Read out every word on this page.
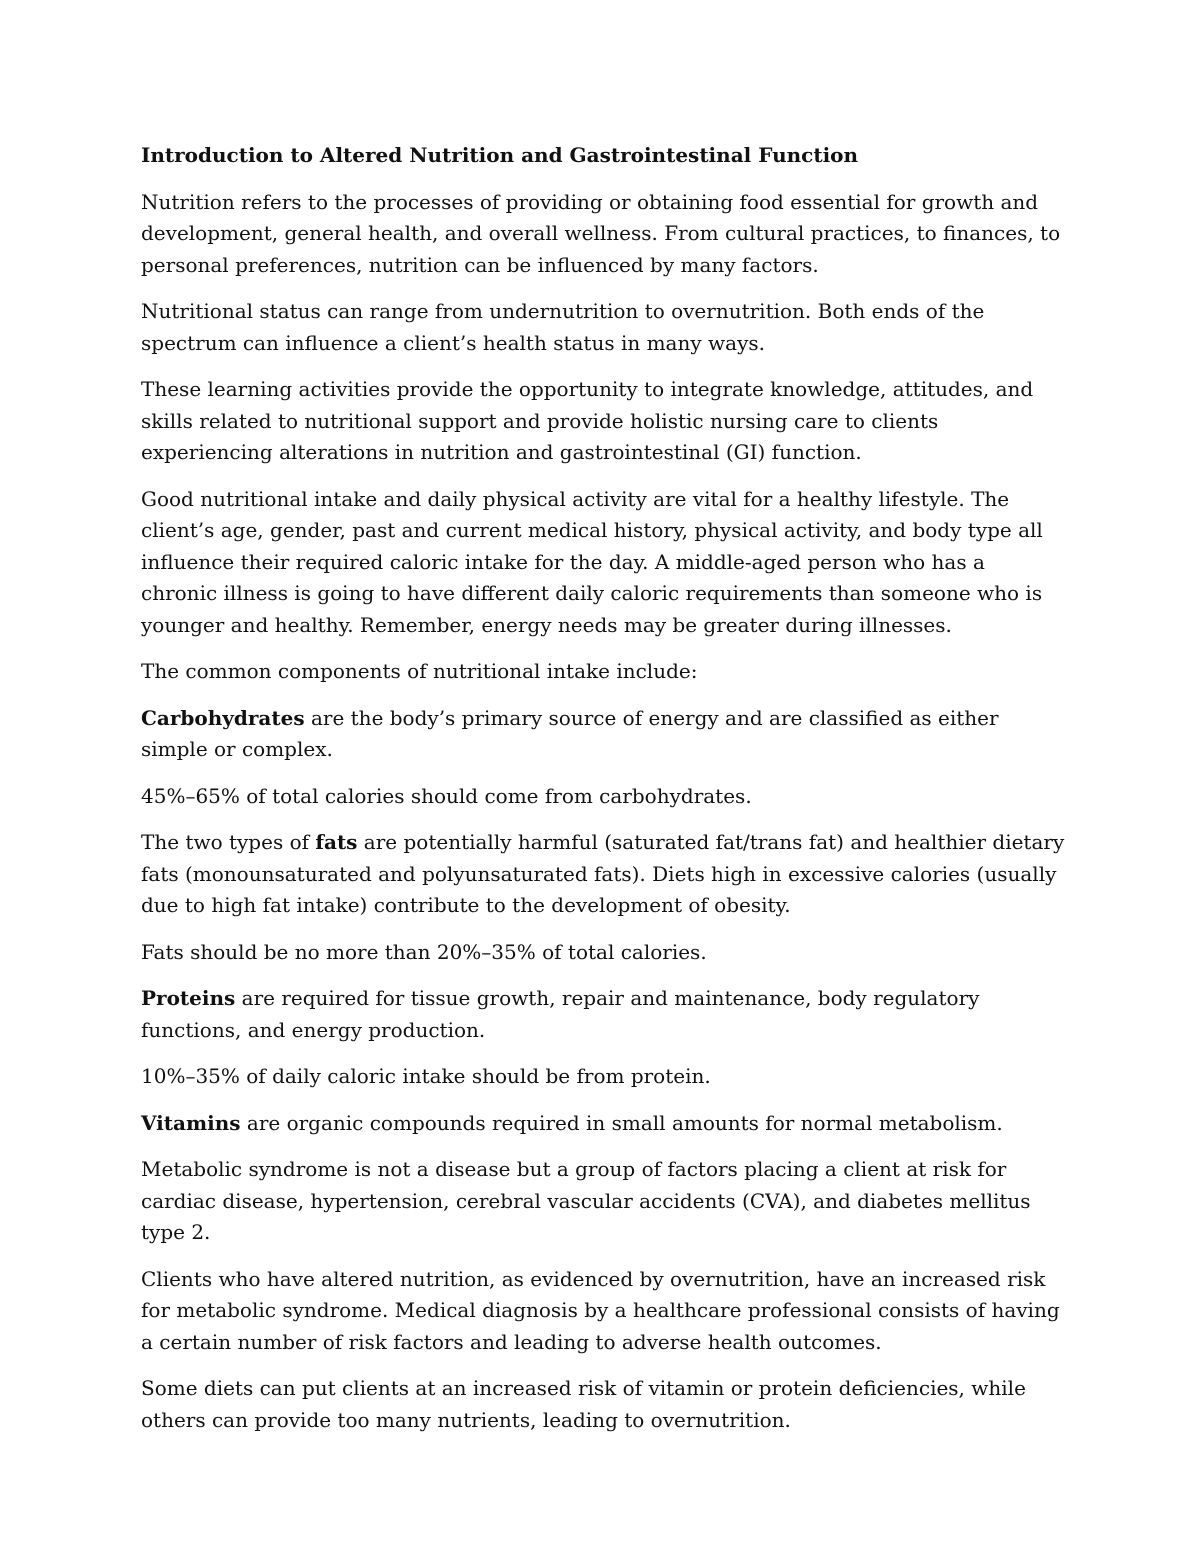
Introduction to Altered Nutrition and Gastrointestinal Function

Nutrition refers to the processes of providing or obtaining food essential for growth and development, general health, and overall wellness. From cultural practices, to finances, to personal preferences, nutrition can be influenced by many factors.

Nutritional status can range from undernutrition to overnutrition. Both ends of the spectrum can influence a client’s health status in many ways.

These learning activities provide the opportunity to integrate knowledge, attitudes, and skills related to nutritional support and provide holistic nursing care to clients experiencing alterations in nutrition and gastrointestinal (GI) function.

Good nutritional intake and daily physical activity are vital for a healthy lifestyle. The client’s age, gender, past and current medical history, physical activity, and body type all influence their required caloric intake for the day. A middle-aged person who has a chronic illness is going to have different daily caloric requirements than someone who is younger and healthy. Remember, energy needs may be greater during illnesses.

The common components of nutritional intake include:

Carbohydrates are the body’s primary source of energy and are classified as either simple or complex.

45%–65% of total calories should come from carbohydrates.

The two types of fats are potentially harmful (saturated fat/trans fat) and healthier dietary fats (monounsaturated and polyunsaturated fats). Diets high in excessive calories (usually due to high fat intake) contribute to the development of obesity.

Fats should be no more than 20%–35% of total calories.

Proteins are required for tissue growth, repair and maintenance, body regulatory functions, and energy production.

10%–35% of daily caloric intake should be from protein.

Vitamins are organic compounds required in small amounts for normal metabolism.

Metabolic syndrome is not a disease but a group of factors placing a client at risk for cardiac disease, hypertension, cerebral vascular accidents (CVA), and diabetes mellitus type 2.

Clients who have altered nutrition, as evidenced by overnutrition, have an increased risk for metabolic syndrome. Medical diagnosis by a healthcare professional consists of having a certain number of risk factors and leading to adverse health outcomes.

Some diets can put clients at an increased risk of vitamin or protein deficiencies, while others can provide too many nutrients, leading to overnutrition.
